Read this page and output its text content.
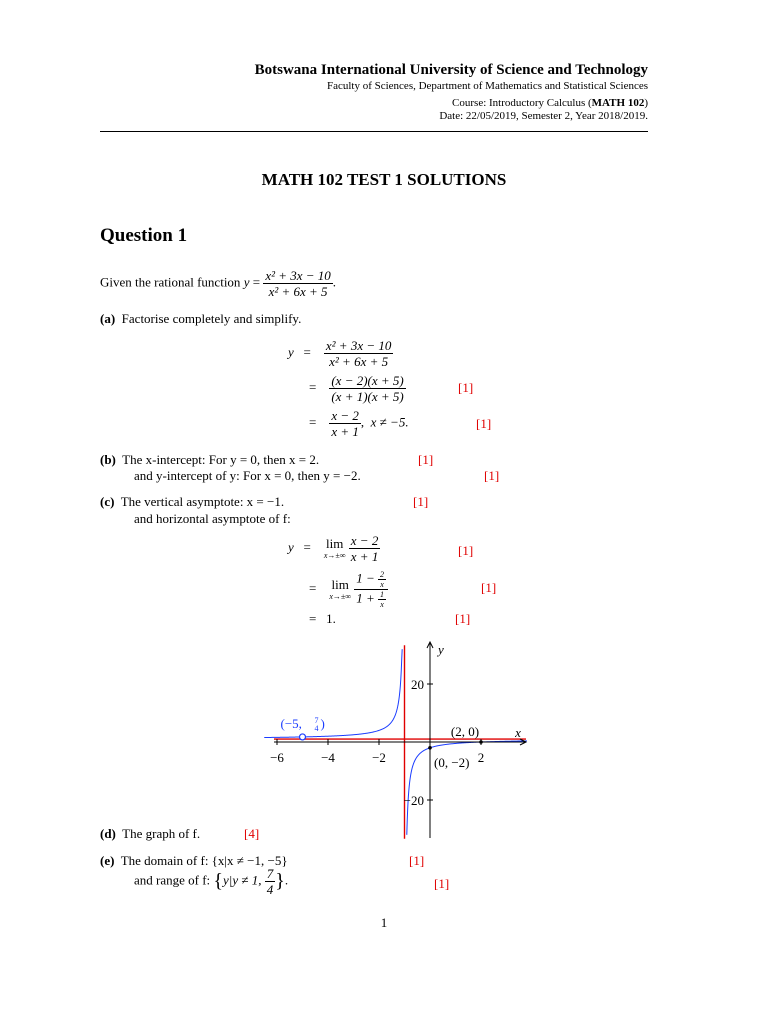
Botswana International University of Science and Technology
Faculty of Sciences, Department of Mathematics and Statistical Sciences
Course: Introductory Calculus (MATH 102)
Date: 22/05/2019, Semester 2, Year 2018/2019.
MATH 102 TEST 1 SOLUTIONS
Question 1
Given the rational function $y = \frac{\text{x² + 3x − 10}}{\text{x² + 6x + 5}}$ .
(a) Factorise completely and simplify.
$y = \frac{\text{x² + 3x − 10}}{\text{x² + 6x + 5}}$
= $\frac{(x - 2)(x + 5)}{(x + 1)(x + 5)}$	[1]
= $\frac{x - 2}{x + 1}$ ,  x ≠ −5.	[1]
(b) The x-intercept: For y = 0, then x = 2.	[1]
and y-intercept of y: For x = 0, then y = −2.	[1]
(c) The vertical asymptote: x = −1.	[1]
and horizontal asymptote of f:
y   = lim
x→±∞
$\frac{x - 2}{x + 1}$	[1]
= lim
x→±∞
$\frac{1 - \frac{2}{x}}{1 + \frac{1}{x}}$	[1]
=   1.	[1]
−6	−4	−2	2
20
−20
x
y
(−5, 7
4 )
(2, 0)
(0, −2)
(d) The graph of f.	[4]
(e) The domain of f: {x|x ≠ −1, −5}	[1]
and range of f: {y|y ≠ 1, $\frac{7}{4}$ }.	[1]
1
